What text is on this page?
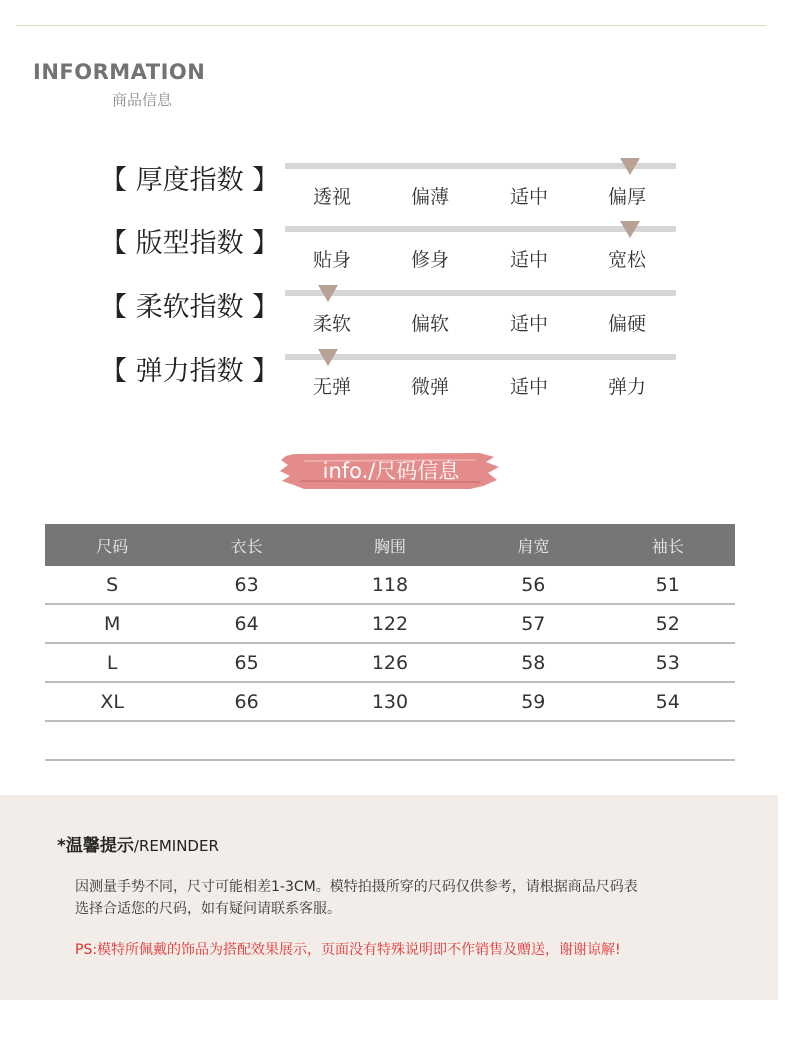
INFORMATION
商品信息
【 厚度指数 】
透视	偏薄	适中	偏厚
【 版型指数 】
贴身	修身	适中	宽松
【 柔软指数 】
柔软	偏软	适中	偏硬
【 弹力指数 】	无弹	微弹	适中	弹力
info./尺码信息
尺码	衣长	胸围	肩宽	袖长
S	63	118	56	51
M	64	122	57	52
L	65	126	58	53
XL	66	130	59	54

*温馨提示/REMINDER
因测量手势不同，尺寸可能相差1-3CM。模特拍摄所穿的尺码仅供参考，请根据商品尺码表
选择合适您的尺码，如有疑问请联系客服。
PS:模特所佩戴的饰品为搭配效果展示，页面没有特殊说明即不作销售及赠送，谢谢谅解!
